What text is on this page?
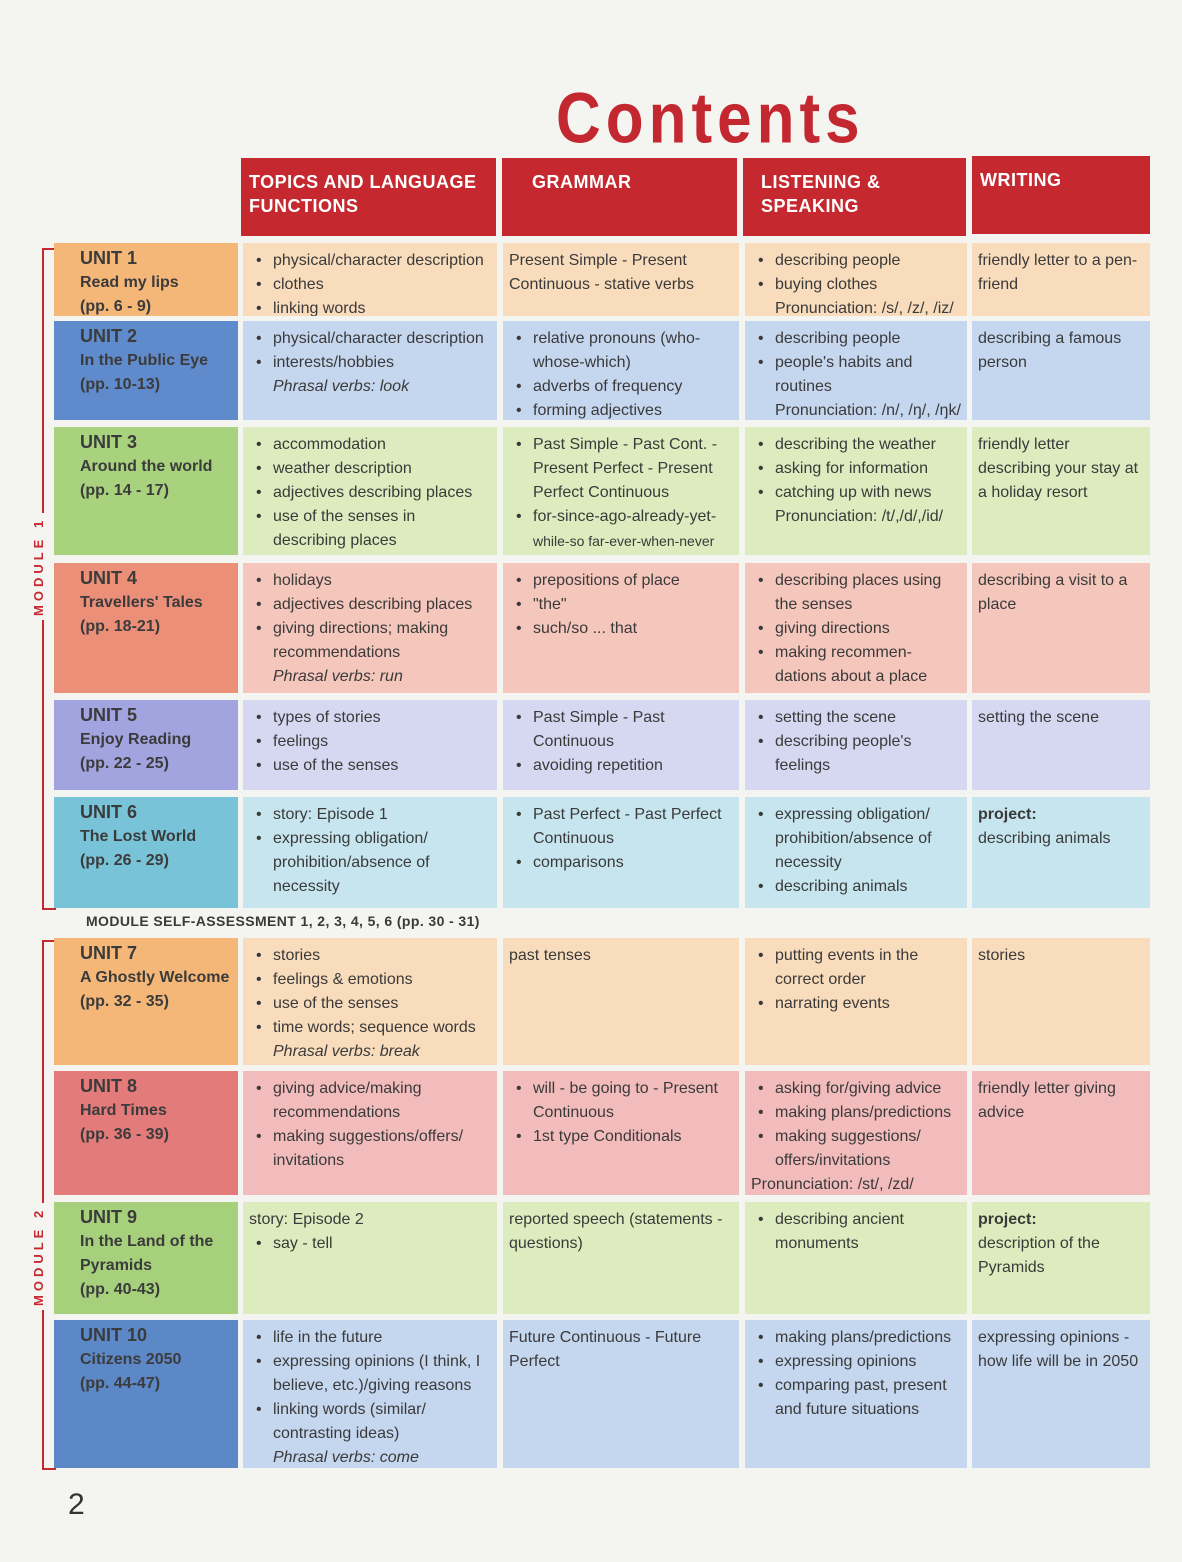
Contents
TOPICS AND LANGUAGE FUNCTIONS
GRAMMAR	LISTENING & SPEAKING
WRITING
MODULE 1
MODULE 2
MODULE SELF-ASSESSMENT 1, 2, 3, 4, 5, 6 (pp. 30 - 31)
UNIT 1
Read my lips
(pp. 6 - 9)
• physical/character description
• clothes
• linking words
Present Simple - Present Continuous - stative verbs
• describing people
• buying clothes
Pronunciation: /s/, /z/, /iz/
friendly letter to a pen-friend
UNIT 2
In the Public Eye
(pp. 10-13)
• physical/character description
• interests/hobbies
Phrasal verbs: look
• relative pronouns (who-whose-which)
• adverbs of frequency
• forming adjectives
• describing people
• people's habits and routines
Pronunciation: /n/, /ŋ/, /ŋk/
describing a famous person
UNIT 3
Around the world
(pp. 14 - 17)
• accommodation
• weather description
• adjectives describing places
• use of the senses in describing places
• Past Simple - Past Cont. - Present Perfect - Present Perfect Continuous
• for-since-ago-already-yet-
while-so far-ever-when-never
• describing the weather
• asking for information
• catching up with news
Pronunciation: /t/,/d/,/id/
friendly letter describing your stay at a holiday resort
UNIT 4
Travellers' Tales
(pp. 18-21)
• holidays
• adjectives describing places
• giving directions; making recommendations
Phrasal verbs: run
• prepositions of place
• "the"
• such/so ... that
• describing places using the senses
• giving directions
• making recommen-dations about a place
describing a visit to a place
UNIT 5
Enjoy Reading
(pp. 22 - 25)
• types of stories
• feelings
• use of the senses
• Past Simple - Past Continuous
• avoiding repetition
• setting the scene
• describing people's feelings
setting the scene
UNIT 6
The Lost World
(pp. 26 - 29)
• story: Episode 1
• expressing obligation/ prohibition/absence of necessity
• Past Perfect - Past Perfect Continuous
• comparisons
• expressing obligation/ prohibition/absence of necessity
• describing animals
project:
describing animals
UNIT 7
A Ghostly Welcome
(pp. 32 - 35)
• stories
• feelings & emotions
• use of the senses
• time words; sequence words
Phrasal verbs: break
past tenses
•	putting events in the correct order
• narrating events
stories
UNIT 8
Hard Times
(pp. 36 - 39)
• giving advice/making recommendations
• making suggestions/offers/ invitations
• will - be going to - Present Continuous
• 1st type Conditionals
• asking for/giving advice
• making plans/predictions
• making suggestions/ offers/invitations
Pronunciation: /st/, /zd/
friendly letter giving advice
UNIT 9
In the Land of the Pyramids
(pp. 40-43)
story: Episode 2
• say - tell
reported speech (statements - questions)
• describing ancient monuments
project:
description of the Pyramids
UNIT 10
Citizens 2050
(pp. 44-47)
• life in the future
• expressing opinions (I think, I believe, etc.)/giving reasons
• linking words (similar/ contrasting ideas)
Phrasal verbs: come
Future Continuous - Future Perfect
• making plans/predictions
• expressing opinions
• comparing past, present and future situations
expressing opinions - how life will be in 2050
2
